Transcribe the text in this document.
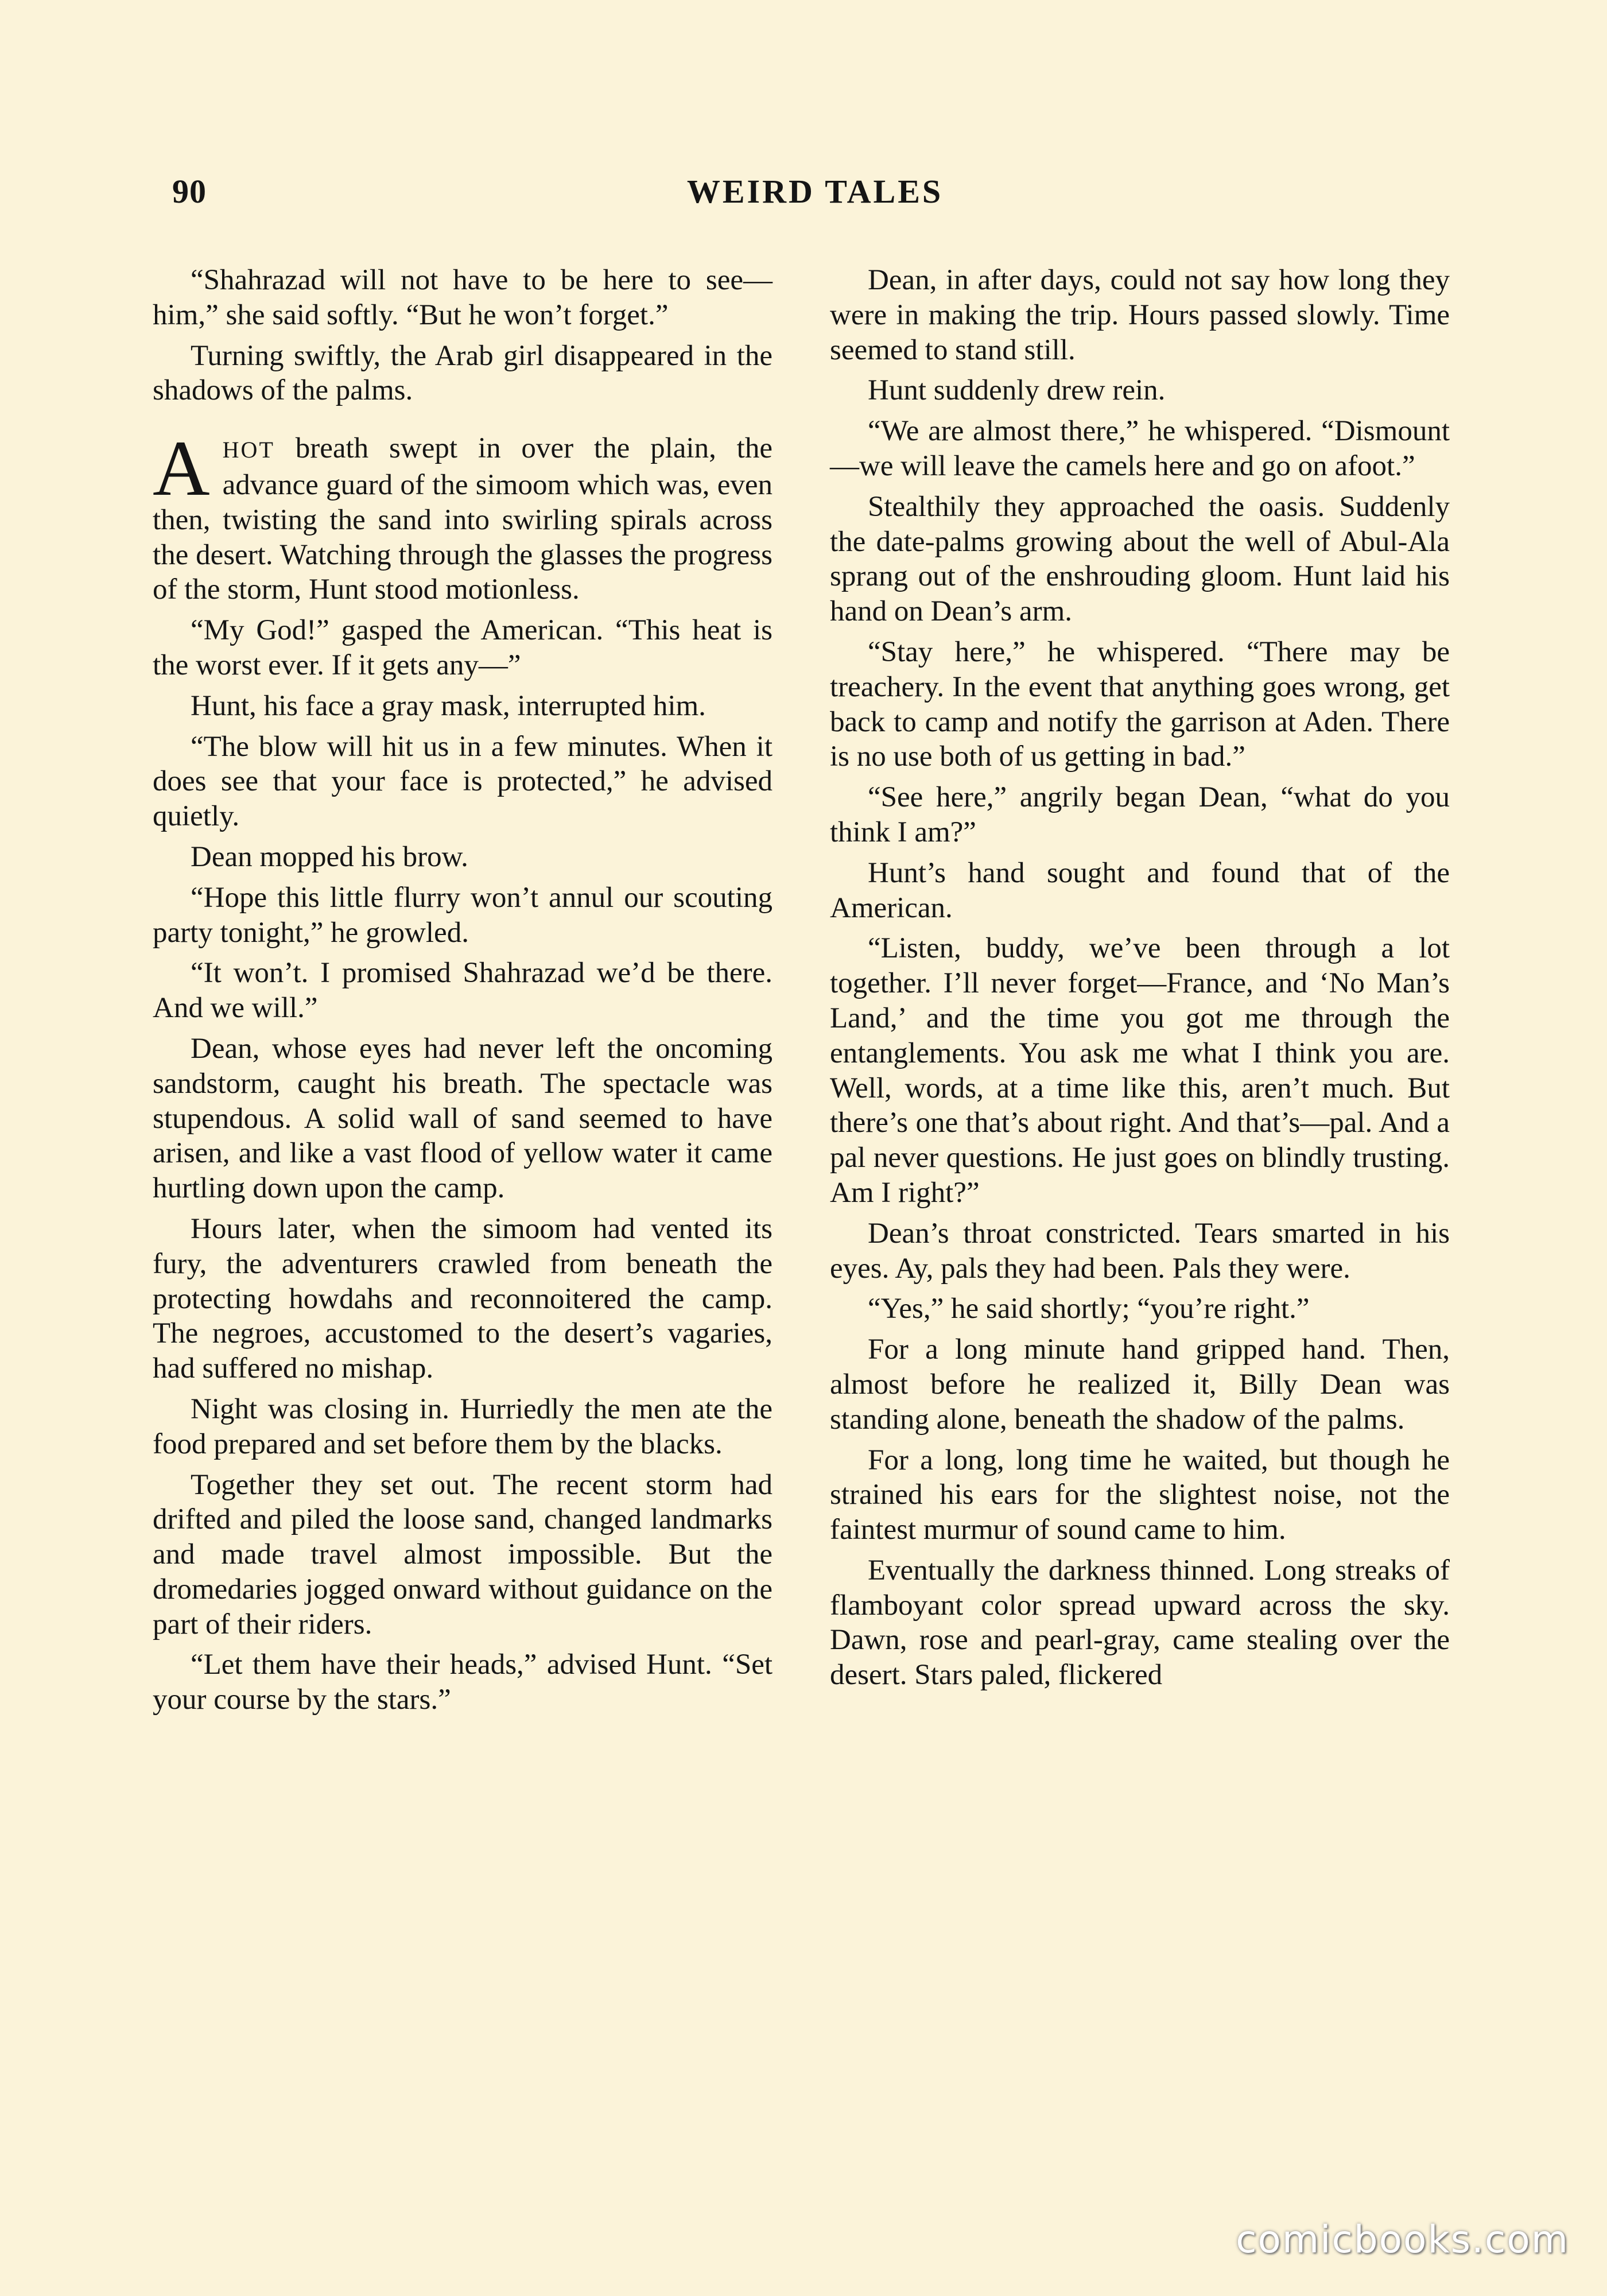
90	WEIRD TALES

“Shahrazad will not have to be here to see—him,” she said softly. “But he won’t forget.”

Turning swiftly, the Arab girl disappeared in the shadows of the palms.

AHOT breath swept in over the plain, the advance guard of the simoom which was, even then, twisting the sand into swirling spirals across the desert. Watching through the glasses the progress of the storm, Hunt stood motionless.

“My God!” gasped the American. “This heat is the worst ever. If it gets any—”

Hunt, his face a gray mask, interrupted him.

“The blow will hit us in a few minutes. When it does see that your face is protected,” he advised quietly.

Dean mopped his brow.

“Hope this little flurry won’t annul our scouting party tonight,” he growled.

“It won’t. I promised Shahrazad we’d be there. And we will.”

Dean, whose eyes had never left the oncoming sandstorm, caught his breath. The spectacle was stupendous. A solid wall of sand seemed to have arisen, and like a vast flood of yellow water it came hurtling down upon the camp.

Hours later, when the simoom had vented its fury, the adventurers crawled from beneath the protecting howdahs and reconnoitered the camp. The negroes, accustomed to the desert’s vagaries, had suffered no mishap.

Night was closing in. Hurriedly the men ate the food prepared and set before them by the blacks.

Together they set out. The recent storm had drifted and piled the loose sand, changed landmarks and made travel almost impossible. But the dromedaries jogged onward without guidance on the part of their riders.

“Let them have their heads,” advised Hunt. “Set your course by the stars.”

Dean, in after days, could not say how long they were in making the trip. Hours passed slowly. Time seemed to stand still.

Hunt suddenly drew rein.

“We are almost there,” he whispered. “Dismount—we will leave the camels here and go on afoot.”

Stealthily they approached the oasis. Suddenly the date-palms growing about the well of Abul-Ala sprang out of the enshrouding gloom. Hunt laid his hand on Dean’s arm.

“Stay here,” he whispered. “There may be treachery. In the event that anything goes wrong, get back to camp and notify the garrison at Aden. There is no use both of us getting in bad.”

“See here,” angrily began Dean, “what do you think I am?”

Hunt’s hand sought and found that of the American.

“Listen, buddy, we’ve been through a lot together. I’ll never forget—France, and ‘No Man’s Land,’ and the time you got me through the entanglements. You ask me what I think you are. Well, words, at a time like this, aren’t much. But there’s one that’s about right. And that’s—pal. And a pal never questions. He just goes on blindly trusting. Am I right?”

Dean’s throat constricted. Tears smarted in his eyes. Ay, pals they had been. Pals they were.

“Yes,” he said shortly; “you’re right.”

For a long minute hand gripped hand. Then, almost before he realized it, Billy Dean was standing alone, beneath the shadow of the palms.

For a long, long time he waited, but though he strained his ears for the slightest noise, not the faintest murmur of sound came to him.

Eventually the darkness thinned. Long streaks of flamboyant color spread upward across the sky. Dawn, rose and pearl-gray, came stealing over the desert. Stars paled, flickered

comicbooks.com
